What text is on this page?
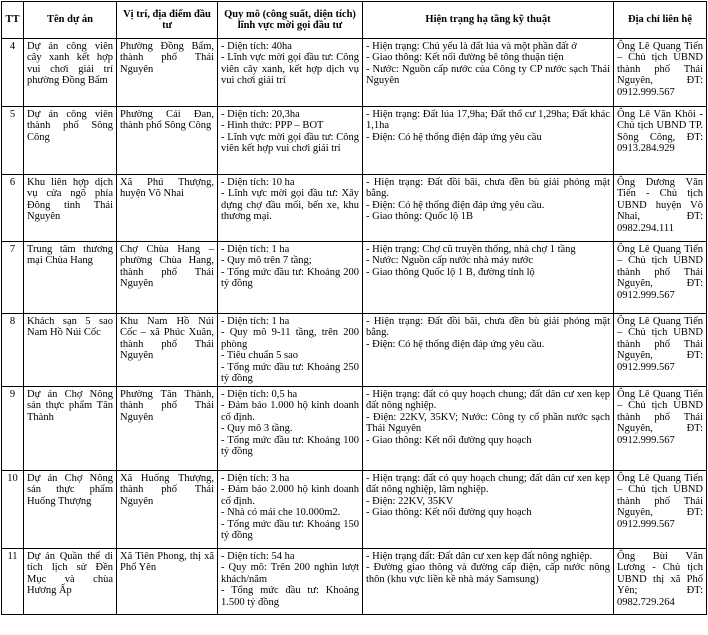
TT	Tên dự án	Vị trí, địa điểm đầu tư	Quy mô (công suất, diện tích) lĩnh vực mời gọi đầu tư	Hiện trạng hạ tầng kỹ thuật	Địa chỉ liên hệ
4	Dự án công viên cây xanh kết hợp vui chơi giải trí phường Đồng Bẩm	Phường Đồng Bẩm, thành phố Thái Nguyên	- Diện tích: 40ha
- Lĩnh vực mời gọi đầu tư: Công viên cây xanh, kết hợp dịch vụ vui chơi giải trí	- Hiện trạng: Chủ yếu là đất lúa và một phần đất ở
- Giao thông: Kết nối đường bê tông thuận tiện
- Nước: Nguồn cấp nước của Công ty CP nước sạch Thái Nguyên	Ông Lê Quang Tiến – Chủ tịch UBND thành phố Thái Nguyên, ĐT: 0912.999.567
5	Dự án công viên thành phố Sông Công	Phường Cải Đan, thành phố Sông Công	- Diện tích: 20,3ha
- Hình thức: PPP – BOT
- Lĩnh vực mời gọi đầu tư: Công viên kết hợp vui chơi giải trí	- Hiện trạng: Đất lúa 17,9ha; Đất thổ cư 1,29ha; Đất khác 1,1ha
- Điện: Có hệ thống điện đáp ứng yêu cầu	Ông Lê Văn Khôi - Chủ tịch UBND TP. Sông Công, ĐT: 0913.284.929
6	Khu liên hợp dịch vụ cửa ngõ phía Đông tỉnh Thái Nguyên	Xã Phú Thượng, huyện Võ Nhai	- Diện tích: 10 ha
- Lĩnh vực mời gọi đầu tư: Xây dựng chợ đầu mối, bến xe, khu thương mại.	- Hiện trạng: Đất đồi bãi, chưa đền bù giải phóng mặt bằng.
- Điện: Có hệ thống điện đáp ứng yêu cầu.
- Giao thông: Quốc lộ 1B	Ông Dương Văn Tiến - Chủ tịch UBND huyện Võ Nhai, ĐT: 0982.294.111
7	Trung tâm thương mại Chùa Hang	Chợ Chùa Hang – phường Chùa Hang, thành phố Thái Nguyên	- Diện tích: 1 ha
- Quy mô trên 7 tầng;
- Tổng mức đầu tư: Khoảng 200 tỷ đồng	- Hiện trạng: Chợ cũ truyền thống, nhà chợ 1 tầng
- Nước: Nguồn cấp nước nhà máy nước
- Giao thông Quốc lộ 1 B, đường tỉnh lộ	Ông Lê Quang Tiến – Chủ tịch UBND thành phố Thái Nguyên, ĐT: 0912.999.567
8	Khách sạn 5 sao Nam Hồ Núi Cốc	Khu Nam Hồ Núi Cốc – xã Phúc Xuân, thành phố Thái Nguyên	- Diện tích: 1 ha
- Quy mô 9-11 tầng, trên 200 phòng
- Tiêu chuẩn 5 sao
- Tổng mức đầu tư: Khoảng 250 tỷ đồng	- Hiện trạng: Đất đồi bãi, chưa đền bù giải phóng mặt bằng.
- Điện: Có hệ thống điện đáp ứng yêu cầu.	Ông Lê Quang Tiến – Chủ tịch UBND thành phố Thái Nguyên, ĐT: 0912.999.567
9	Dự án Chợ Nông sản thực phẩm Tân Thành	Phường Tân Thành, thành phố Thái Nguyên	- Diện tích: 0,5 ha
- Đảm bảo 1.000 hộ kinh doanh cố định.
- Quy mô 3 tầng.
- Tổng mức đầu tư: Khoảng 100 tỷ đồng	- Hiện trạng: đất có quy hoạch chung; đất dân cư xen kẹp đất nông nghiệp.
- Điện: 22KV, 35KV; Nước: Công ty cổ phần nước sạch Thái Nguyên
- Giao thông: Kết nối đường quy hoạch	Ông Lê Quang Tiến – Chủ tịch UBND thành phố Thái Nguyên, ĐT: 0912.999.567
10	Dự án Chợ Nông sản thực phẩm Huống Thượng	Xã Huống Thượng, thành phố Thái Nguyên	- Diện tích: 3 ha
- Đảm bảo 2.000 hộ kinh doanh cố định.
- Nhà có mái che 10.000m2.
- Tổng mức đầu tư: Khoảng 150 tỷ đồng	- Hiện trạng: đất có quy hoạch chung; đất dân cư xen kẹp đất nông nghiệp, lâm nghiệp.
- Điện: 22KV, 35KV
- Giao thông: Kết nối đường quy hoạch	Ông Lê Quang Tiến – Chủ tịch UBND thành phố Thái Nguyên, ĐT: 0912.999.567
11	Dự án Quần thể di tích lịch sử Đền Mục và chùa Hương Ấp	Xã Tiên Phong, thị xã Phổ Yên	- Diện tích: 54 ha
- Quy mô: Trên 200 nghìn lượt khách/năm
- Tổng mức đầu tư: Khoảng 1.500 tỷ đồng	- Hiện trạng đất: Đất dân cư xen kẹp đất nông nghiệp.
- Đường giao thông và đường cấp điện, cấp nước nông thôn (khu vực liền kề nhà máy Samsung)	Ông Bùi Văn Lương - Chủ tịch UBND thị xã Phổ Yên; ĐT: 0982.729.264
